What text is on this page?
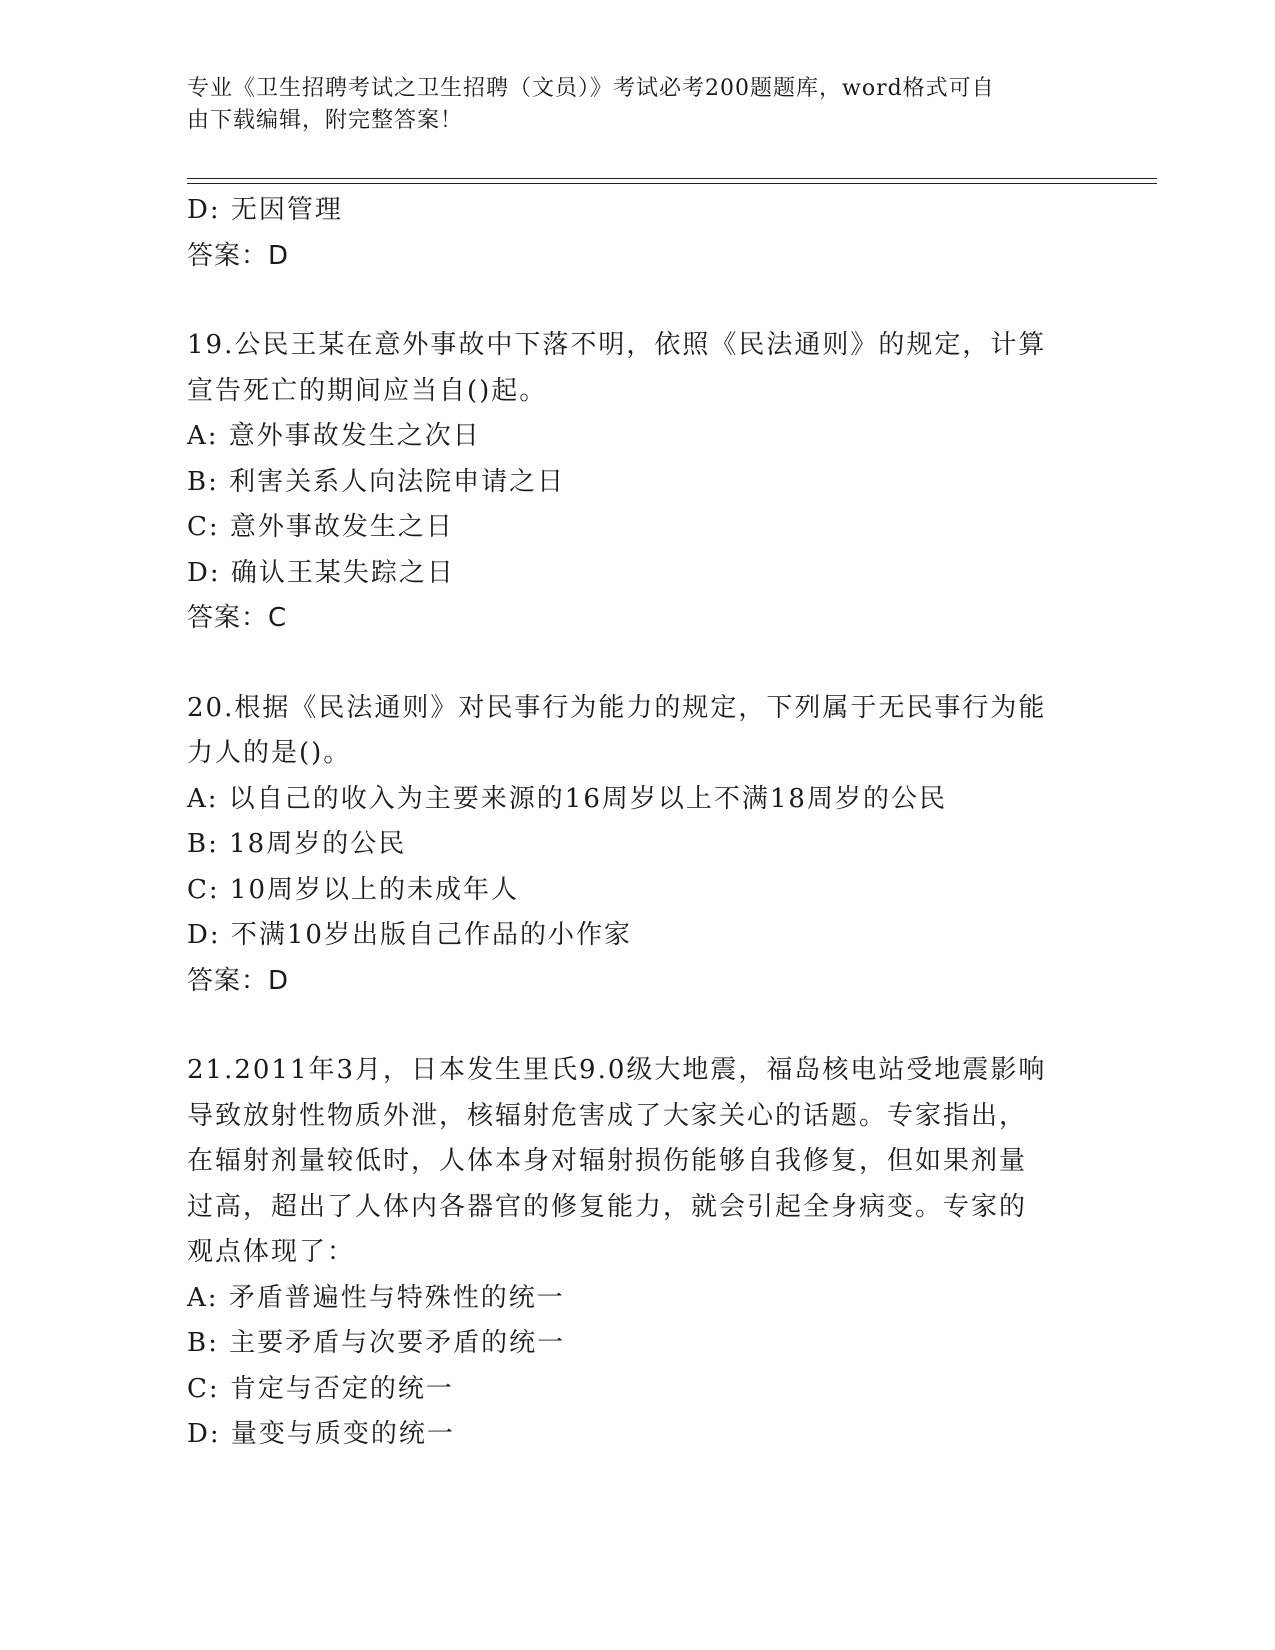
专业《卫生招聘考试之卫生招聘（文员）》考试必考200题题库，word格式可自
由下载编辑，附完整答案！
D: 无因管理
答案：D
19.公民王某在意外事故中下落不明，依照《民法通则》的规定，计算
宣告死亡的期间应当自()起。
A: 意外事故发生之次日
B: 利害关系人向法院申请之日
C: 意外事故发生之日
D: 确认王某失踪之日
答案：C
20.根据《民法通则》对民事行为能力的规定，下列属于无民事行为能
力人的是()。
A: 以自己的收入为主要来源的16周岁以上不满18周岁的公民
B: 18周岁的公民
C: 10周岁以上的未成年人
D: 不满10岁出版自己作品的小作家
答案：D
21.2011年3月，日本发生里氏9.0级大地震，福岛核电站受地震影响
导致放射性物质外泄，核辐射危害成了大家关心的话题。专家指出，
在辐射剂量较低时，人体本身对辐射损伤能够自我修复，但如果剂量
过高，超出了人体内各器官的修复能力，就会引起全身病变。专家的
观点体现了：
A: 矛盾普遍性与特殊性的统一
B: 主要矛盾与次要矛盾的统一
C: 肯定与否定的统一
D: 量变与质变的统一
